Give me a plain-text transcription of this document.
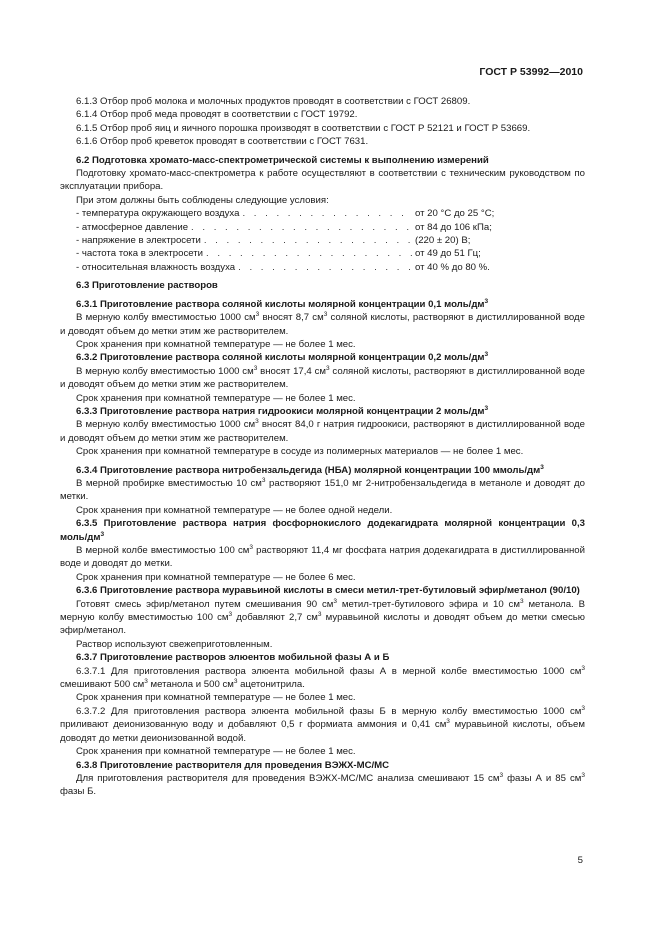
ГОСТ Р 53992—2010

6.1.3 Отбор проб молока и молочных продуктов проводят в соответствии с ГОСТ 26809.

6.1.4 Отбор проб меда проводят в соответствии с ГОСТ 19792.

6.1.5 Отбор проб яиц и яичного порошка производят в соответствии с ГОСТ Р 52121 и ГОСТ Р 53669.

6.1.6 Отбор проб креветок проводят в соответствии с ГОСТ 7631.

6.2 Подготовка хромато-масс-спектрометрической системы к выполнению измерений

Подготовку хромато-масс-спектрометра к работе осуществляют в соответствии с техническим руководством по эксплуатации прибора.

При этом должны быть соблюдены следующие условия:

- температура окружающего воздуха . . .	от 20 °С до 25 °С;
- атмосферное давление . . .	от 84 до 106 кПа;
- напряжение в электросети . . .	(220 ± 20) В;
- частота тока в электросети . . .	от 49 до 51 Гц;
- относительная влажность воздуха . . .	от 40 % до 80 %.

6.3 Приготовление растворов

6.3.1 Приготовление раствора соляной кислоты молярной концентрации 0,1 моль/$дм^3$

В мерную колбу вместимостью 1000 $см^3$ вносят 8,7 $см^3$ соляной кислоты, растворяют в дистиллированной воде и доводят объем до метки этим же растворителем.

Срок хранения при комнатной температуре — не более 1 мес.

6.3.2 Приготовление раствора соляной кислоты молярной концентрации 0,2 моль/$дм^3$

В мерную колбу вместимостью 1000 $см^3$ вносят 17,4 $см^3$ соляной кислоты, растворяют в дистиллированной воде и доводят объем до метки этим же растворителем.

Срок хранения при комнатной температуре — не более 1 мес.

6.3.3 Приготовление раствора натрия гидроокиси молярной концентрации 2 моль/$дм^3$

В мерную колбу вместимостью 1000 $см^3$ вносят 84,0 г натрия гидроокиси, растворяют в дистиллированной воде и доводят объем до метки этим же растворителем.

Срок хранения при комнатной температуре в сосуде из полимерных материалов — не более 1 мес.

6.3.4 Приготовление раствора нитробензальдегида (НБА) молярной концентрации 100 ммоль/$дм^3$

В мерной пробирке вместимостью 10 $см^3$ растворяют 151,0 мг 2-нитробензальдегида в метаноле и доводят до метки.

Срок хранения при комнатной температуре — не более одной недели.

6.3.5 Приготовление раствора натрия фосфорнокислого додекагидрата молярной концентрации 0,3 моль/$дм^3$

В мерной колбе вместимостью 100 $см^3$ растворяют 11,4 мг фосфата натрия додекагидрата в дистиллированной воде и доводят до метки.

Срок хранения при комнатной температуре — не более 6 мес.

6.3.6 Приготовление раствора муравьиной кислоты в смеси метил-трет-бутиловый эфир/метанол (90/10)

Готовят смесь эфир/метанол путем смешивания 90 $см^3$ метил-трет-бутилового эфира и 10 $см^3$ метанола. В мерную колбу вместимостью 100 $см^3$ добавляют 2,7 $см^3$ муравьиной кислоты и доводят объем до метки смесью эфир/метанол.

Раствор используют свежеприготовленным.

6.3.7 Приготовление растворов элюентов мобильной фазы А и Б

6.3.7.1 Для приготовления раствора элюента мобильной фазы А в мерной колбе вместимостью 1000 $см^3$ смешивают 500 $см^3$ метанола и 500 $см^3$ ацетонитрила.

Срок хранения при комнатной температуре — не более 1 мес.

6.3.7.2 Для приготовления раствора элюента мобильной фазы Б в мерную колбу вместимостью 1000 $см^3$ приливают деионизованную воду и добавляют 0,5 г формиата аммония и 0,41 $см^3$ муравьиной кислоты, объем доводят до метки деионизованной водой.

Срок хранения при комнатной температуре — не более 1 мес.

6.3.8 Приготовление растворителя для проведения ВЭЖХ-МС/МС

Для приготовления растворителя для проведения ВЭЖХ-МС/МС анализа смешивают 15 $см^3$ фазы А и 85 $см^3$ фазы Б.

5
